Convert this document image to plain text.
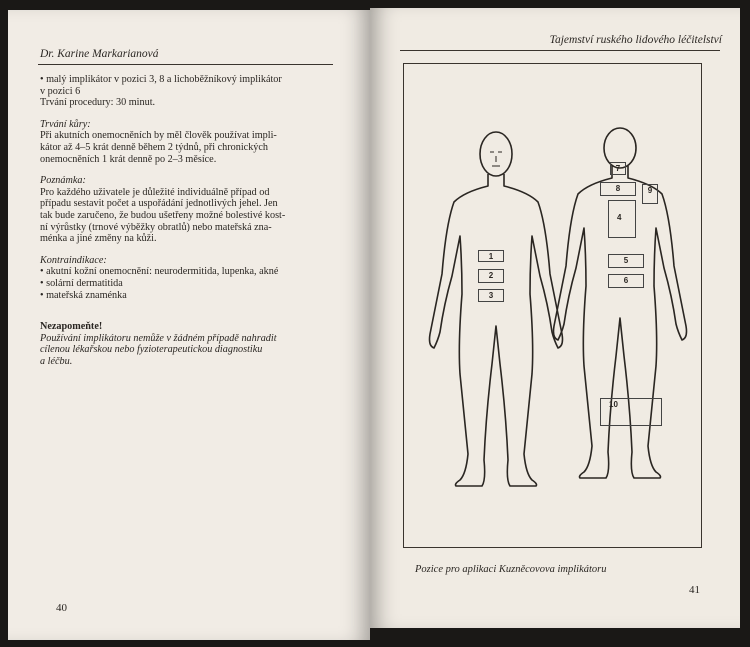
Dr. Karine Markarianová

• malý implikátor v pozici 3, 8 a lichoběžníkový implikátor

v pozici 6

Trvání procedury: 30 minut.

Trvání kůry:

Při akutních onemocněních by měl člověk používat impli-

kátor až 4–5 krát denně během 2 týdnů, při chronických

onemocněních 1 krát denně po 2–3 měsíce.

Poznámka:

Pro každého uživatele je důležité individuálně případ od

případu sestavit počet a uspořádání jednotlivých jehel. Jen

tak bude zaručeno, že budou ušetřeny možné bolestivé kost-

ní výrůstky (trnové výběžky obratlů) nebo mateřská zna-

ménka a jiné změny na kůži.

Kontraindikace:

• akutní kožní onemocnění: neurodermitida, lupenka, akné

• solární dermatitida

• mateřská znaménka

Nezapomeňte!

Používání implikátoru nemůže v žádném případě nahradit

cílenou lékařskou nebo fyzioterapeutickou diagnostiku

a léčbu.

40
Tajemství ruského lidového léčitelství
1
2
3
7
8	9
4
5
6
10
Pozice pro aplikaci Kuzněcovova implikátoru
41
